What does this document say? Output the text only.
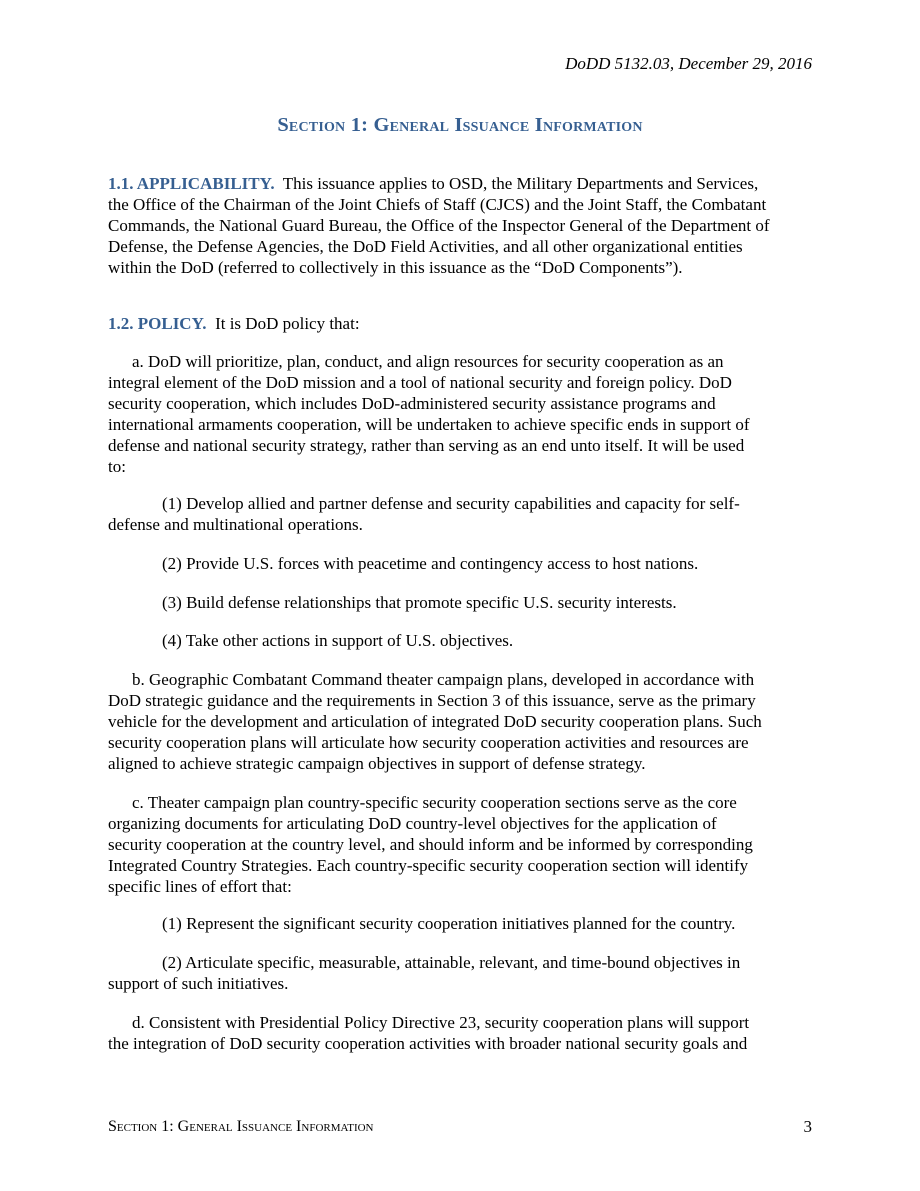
DoDD 5132.03, December 29, 2016
Section 1: General Issuance Information
1.1. APPLICABILITY.  This issuance applies to OSD, the Military Departments and Services,
the Office of the Chairman of the Joint Chiefs of Staff (CJCS) and the Joint Staff, the Combatant
Commands, the National Guard Bureau, the Office of the Inspector General of the Department of
Defense, the Defense Agencies, the DoD Field Activities, and all other organizational entities
within the DoD (referred to collectively in this issuance as the “DoD Components”).
1.2. POLICY.  It is DoD policy that:
a. DoD will prioritize, plan, conduct, and align resources for security cooperation as an
integral element of the DoD mission and a tool of national security and foreign policy. DoD
security cooperation, which includes DoD-administered security assistance programs and
international armaments cooperation, will be undertaken to achieve specific ends in support of
defense and national security strategy, rather than serving as an end unto itself. It will be used
to:
(1) Develop allied and partner defense and security capabilities and capacity for self-
defense and multinational operations.
(2) Provide U.S. forces with peacetime and contingency access to host nations.
(3) Build defense relationships that promote specific U.S. security interests.
(4) Take other actions in support of U.S. objectives.
b. Geographic Combatant Command theater campaign plans, developed in accordance with
DoD strategic guidance and the requirements in Section 3 of this issuance, serve as the primary
vehicle for the development and articulation of integrated DoD security cooperation plans. Such
security cooperation plans will articulate how security cooperation activities and resources are
aligned to achieve strategic campaign objectives in support of defense strategy.
c. Theater campaign plan country-specific security cooperation sections serve as the core
organizing documents for articulating DoD country-level objectives for the application of
security cooperation at the country level, and should inform and be informed by corresponding
Integrated Country Strategies. Each country-specific security cooperation section will identify
specific lines of effort that:
(1) Represent the significant security cooperation initiatives planned for the country.
(2) Articulate specific, measurable, attainable, relevant, and time-bound objectives in
support of such initiatives.
d. Consistent with Presidential Policy Directive 23, security cooperation plans will support
the integration of DoD security cooperation activities with broader national security goals and
Section 1: General Issuance Information	3
